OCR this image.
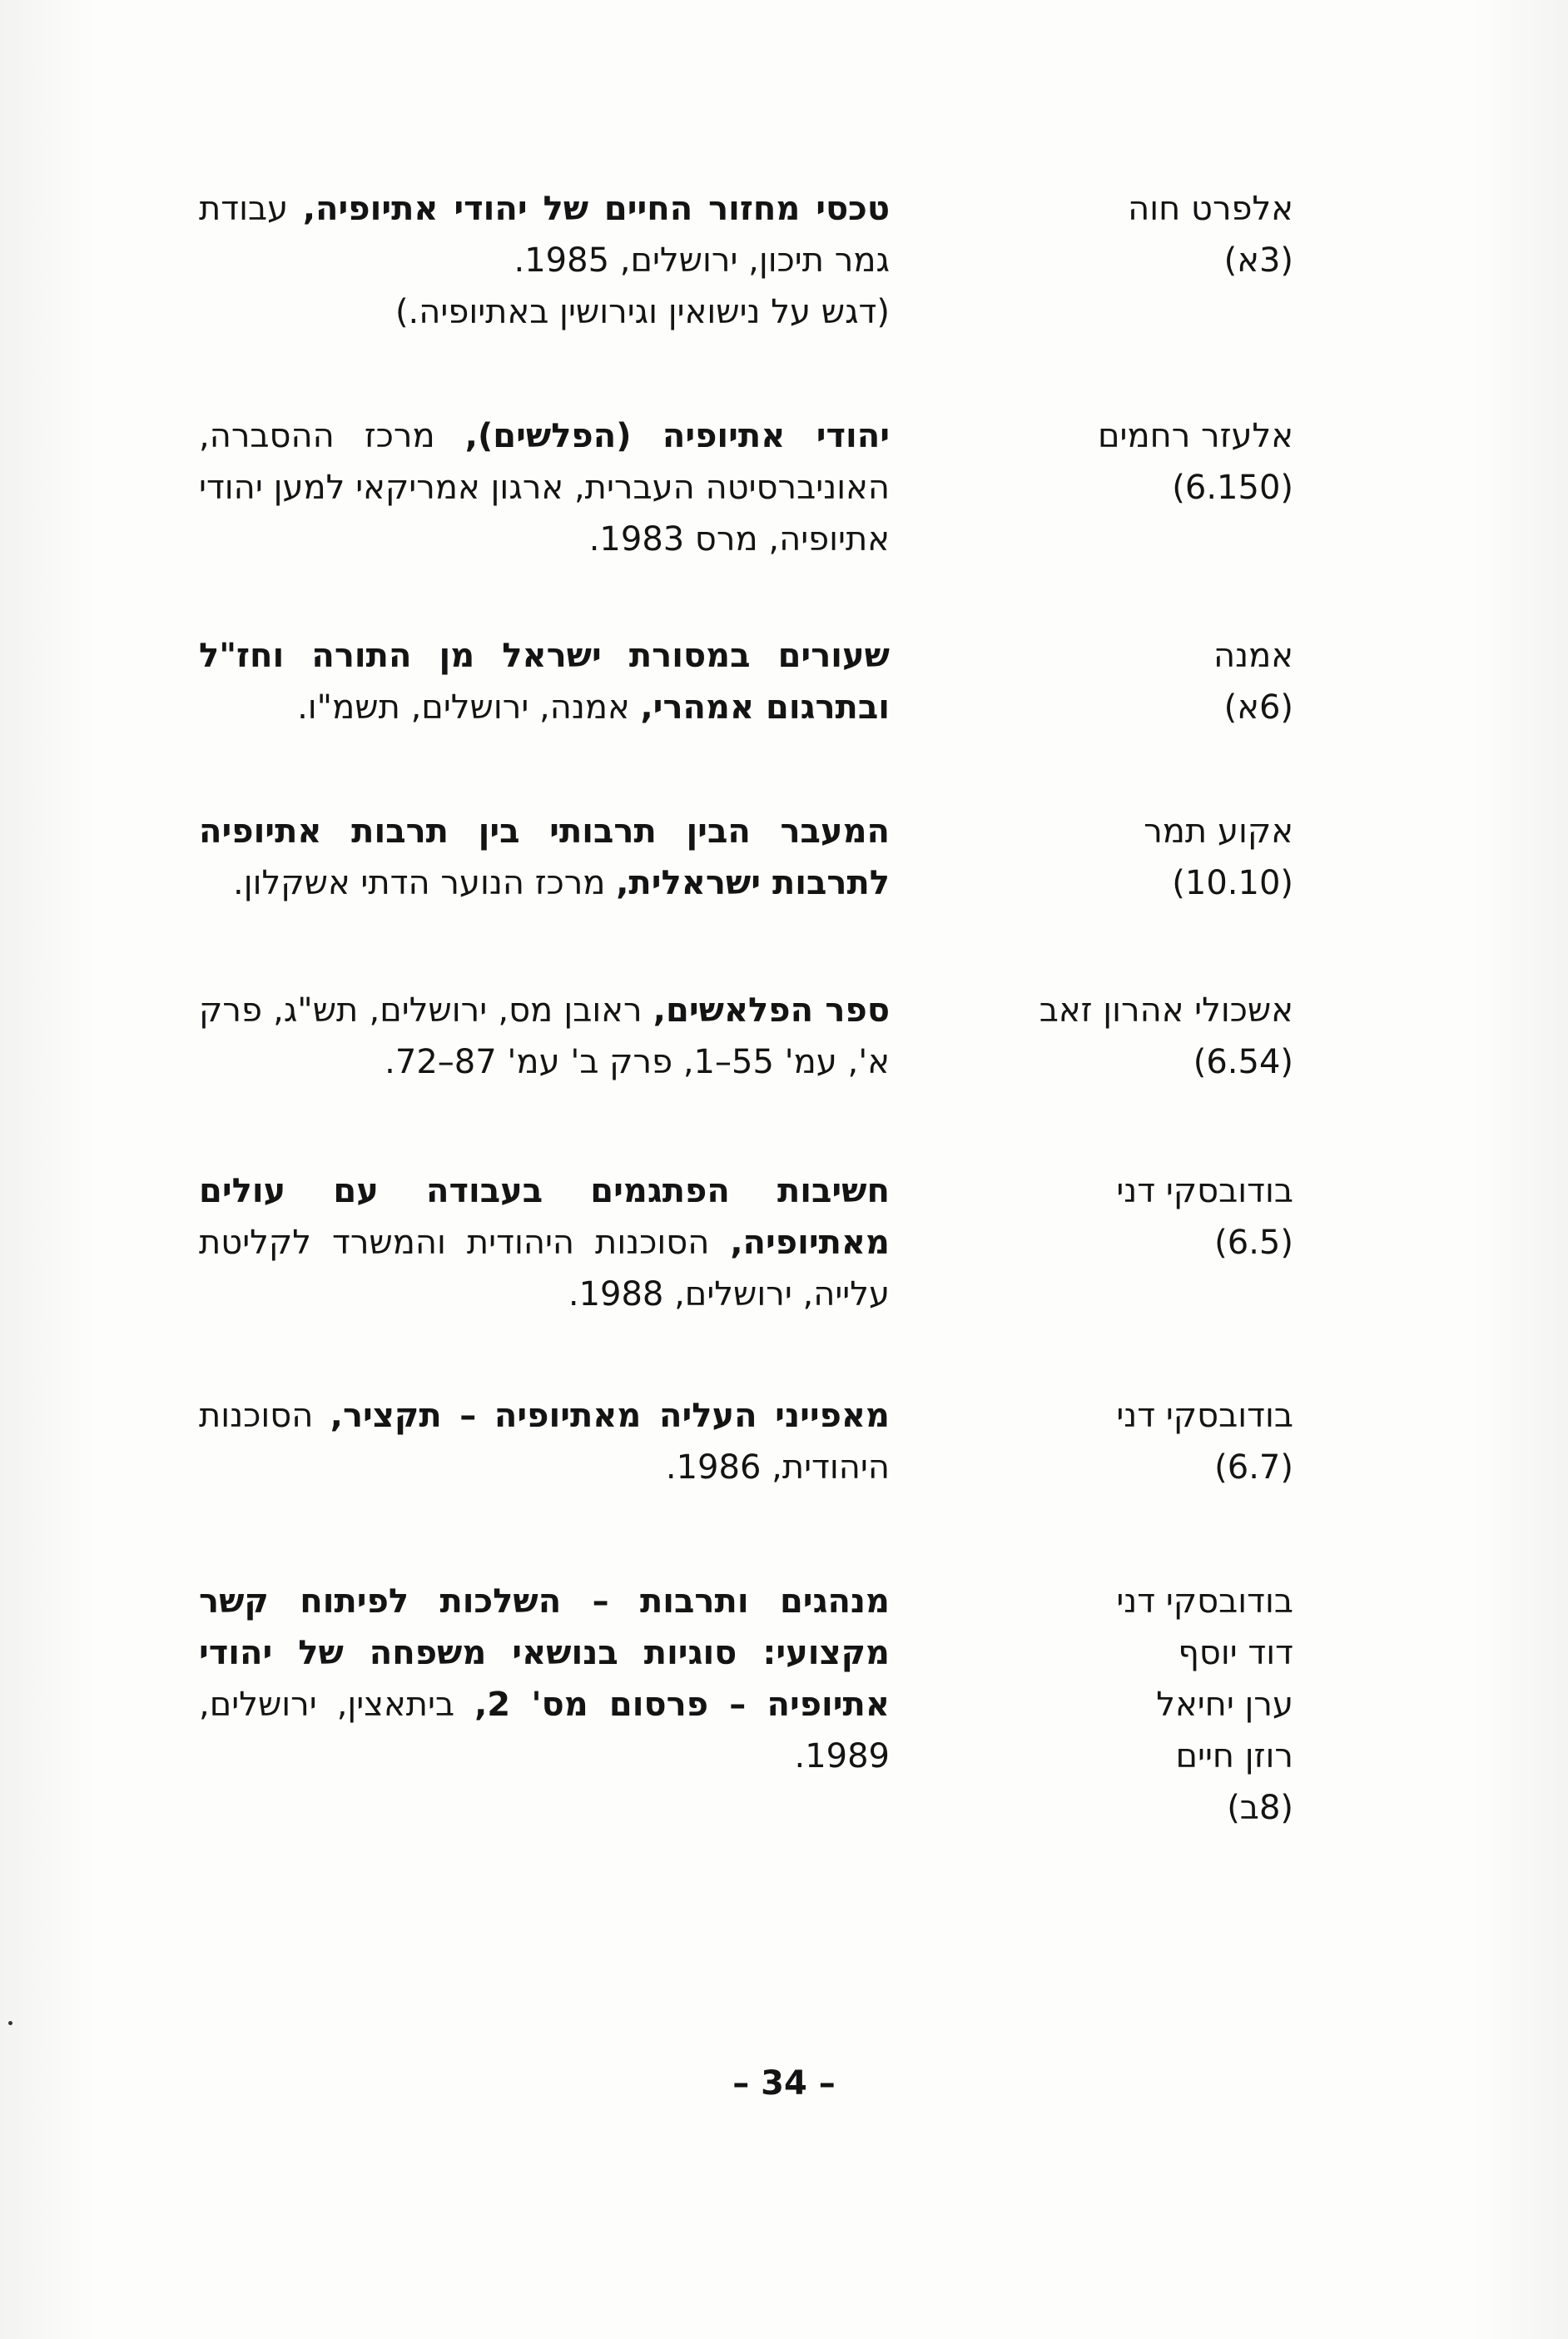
אלפרט חוה
(3א)
טכסי מחזור החיים של יהודי אתיופיה, עבודת גמר תיכון, ירושלים, 1985.
(דגש על נישואין וגירושין באתיופיה.)
אלעזר רחמים
(6.150)
יהודי אתיופיה (הפלשים), מרכז ההסברה, האוניברסיטה העברית, ארגון אמריקאי למען יהודי אתיופיה, מרס 1983.
אמנה
(6א)
שעורים במסורת ישראל מן התורה וחז"ל ובתרגום אמהרי, אמנה, ירושלים, תשמ"ו.
אקוע תמר
(10.10)
המעבר הבין תרבותי בין תרבות אתיופיה לתרבות ישראלית, מרכז הנוער הדתי אשקלון.
אשכולי אהרון זאב
(6.54)
ספר הפלאשים, ראובן מס, ירושלים, תש"ג, פרק א', עמ' 55–1, פרק ב' עמ' 87–72.
בודובסקי דני
(6.5)
חשיבות הפתגמים בעבודה עם עולים מאתיופיה, הסוכנות היהודית והמשרד לקליטת עלייה, ירושלים, 1988.
בודובסקי דני
(6.7)
מאפייני העליה מאתיופיה – תקציר, הסוכנות היהודית, 1986.
בודובסקי דני
דוד יוסף
ערן יחיאל
רוזן חיים
(8ב)
מנהגים ותרבות – השלכות לפיתוח קשר מקצועי: סוגיות בנושאי משפחה של יהודי אתיופיה – פרסום מס' 2, ביתאצין, ירושלים, 1989.
– 34 –
